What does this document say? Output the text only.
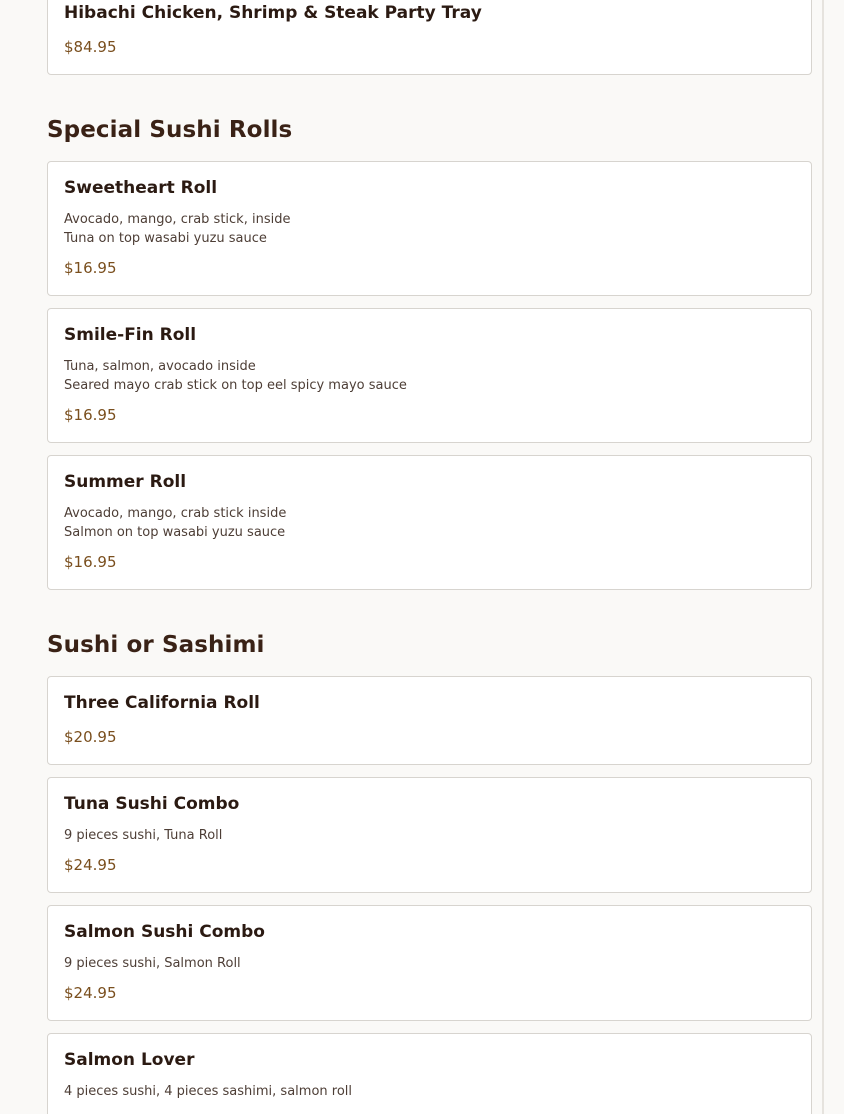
Hibachi Chicken, Shrimp & Steak Party Tray
$84.95
Special Sushi Rolls
Sweetheart Roll
Avocado, mango, crab stick, inside
Tuna on top wasabi yuzu sauce
$16.95
Smile-Fin Roll
Tuna, salmon, avocado inside
Seared mayo crab stick on top eel spicy mayo sauce
$16.95
Summer Roll
Avocado, mango, crab stick inside
Salmon on top wasabi yuzu sauce
$16.95
Sushi or Sashimi
Three California Roll
$20.95
Tuna Sushi Combo
9 pieces sushi, Tuna Roll
$24.95
Salmon Sushi Combo
9 pieces sushi, Salmon Roll
$24.95
Salmon Lover
4 pieces sushi, 4 pieces sashimi, salmon roll
